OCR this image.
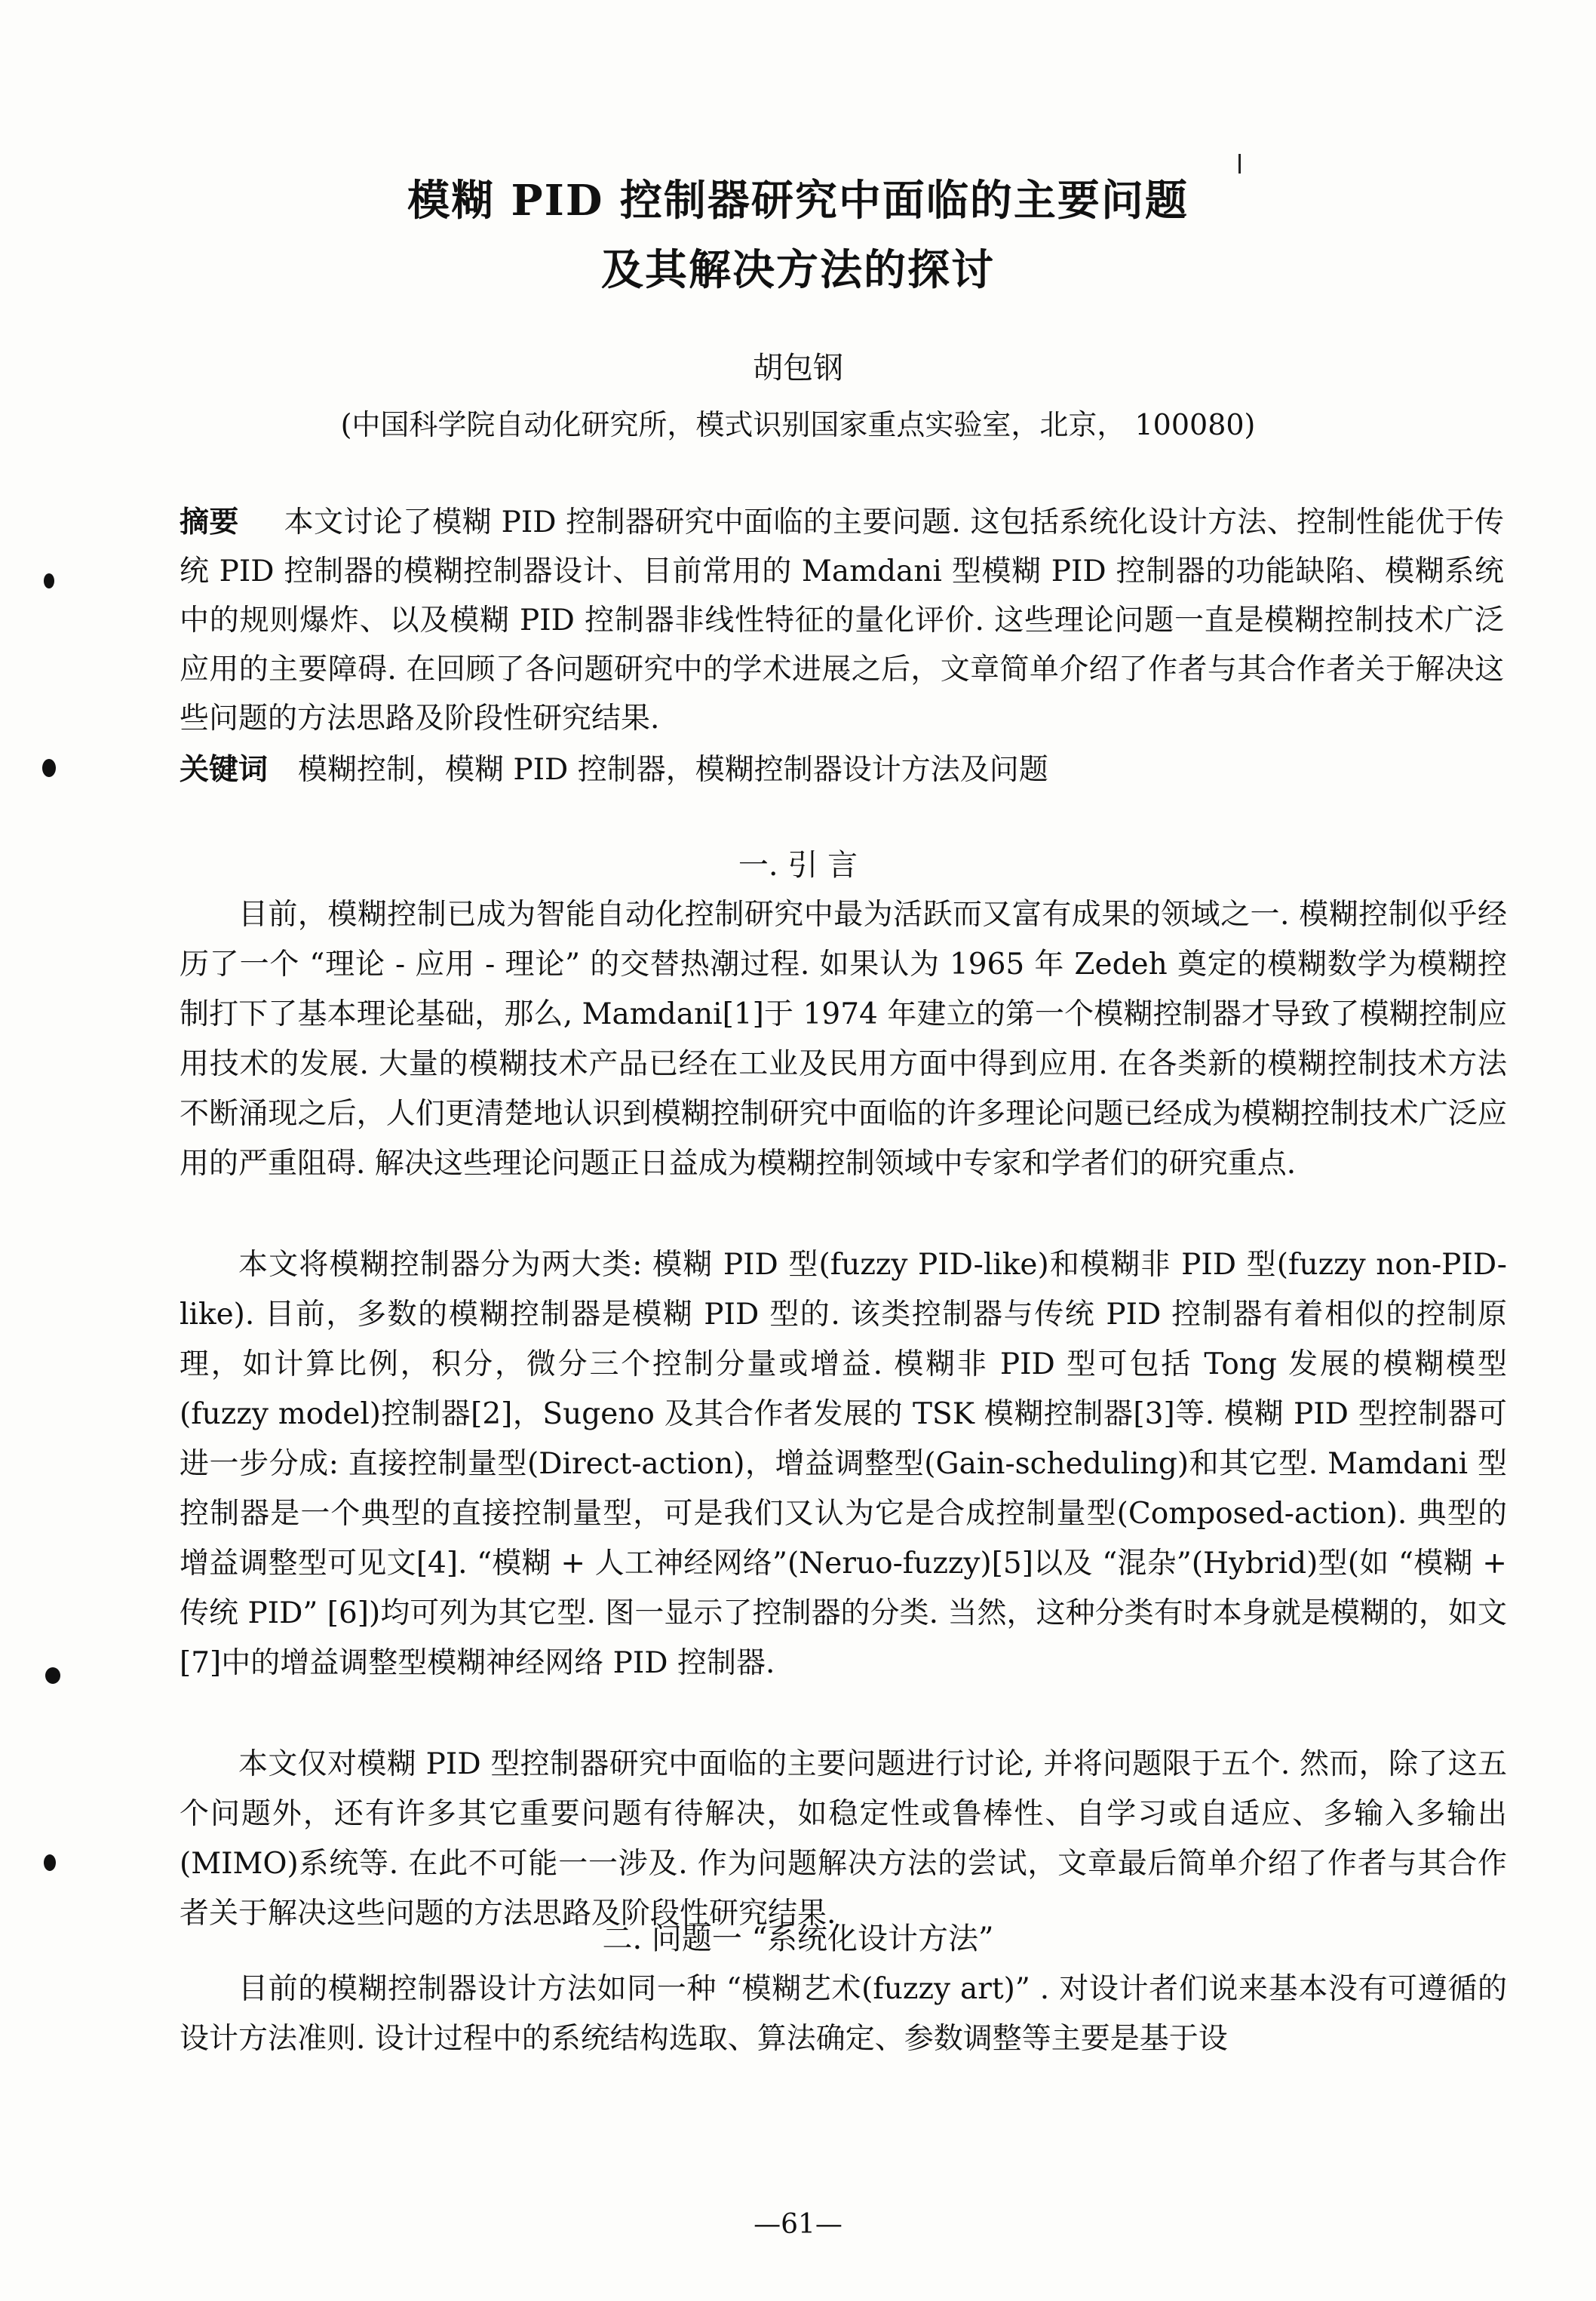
模糊 PID 控制器研究中面临的主要问题
及其解决方法的探讨
胡包钢
(中国科学院自动化研究所，模式识别国家重点实验室，北京， 100080)
摘要 本文讨论了模糊 PID 控制器研究中面临的主要问题. 这包括系统化设计方法、控制性能优于传统 PID 控制器的模糊控制器设计、目前常用的 Mamdani 型模糊 PID 控制器的功能缺陷、模糊系统中的规则爆炸、以及模糊 PID 控制器非线性特征的量化评价. 这些理论问题一直是模糊控制技术广泛应用的主要障碍. 在回顾了各问题研究中的学术进展之后，文章简单介绍了作者与其合作者关于解决这些问题的方法思路及阶段性研究结果.
关键词 模糊控制，模糊 PID 控制器，模糊控制器设计方法及问题
一. 引 言

目前，模糊控制已成为智能自动化控制研究中最为活跃而又富有成果的领域之一. 模糊控制似乎经历了一个 “理论 - 应用 - 理论” 的交替热潮过程. 如果认为 1965 年 Zedeh 奠定的模糊数学为模糊控制打下了基本理论基础，那么, Mamdani[1]于 1974 年建立的第一个模糊控制器才导致了模糊控制应用技术的发展. 大量的模糊技术产品已经在工业及民用方面中得到应用. 在各类新的模糊控制技术方法不断涌现之后，人们更清楚地认识到模糊控制研究中面临的许多理论问题已经成为模糊控制技术广泛应用的严重阻碍. 解决这些理论问题正日益成为模糊控制领域中专家和学者们的研究重点.

本文将模糊控制器分为两大类: 模糊 PID 型(fuzzy PID-like)和模糊非 PID 型(fuzzy non-PID-like). 目前，多数的模糊控制器是模糊 PID 型的. 该类控制器与传统 PID 控制器有着相似的控制原理，如计算比例，积分，微分三个控制分量或增益. 模糊非 PID 型可包括 Tong 发展的模糊模型(fuzzy model)控制器[2]，Sugeno 及其合作者发展的 TSK 模糊控制器[3]等. 模糊 PID 型控制器可进一步分成: 直接控制量型(Direct-action)，增益调整型(Gain-scheduling)和其它型. Mamdani 型控制器是一个典型的直接控制量型，可是我们又认为它是合成控制量型(Composed-action). 典型的增益调整型可见文[4]. “模糊 + 人工神经网络”(Neruo-fuzzy)[5]以及 “混杂”(Hybrid)型(如 “模糊 + 传统 PID” [6])均可列为其它型. 图一显示了控制器的分类. 当然，这种分类有时本身就是模糊的，如文[7]中的增益调整型模糊神经网络 PID 控制器.

本文仅对模糊 PID 型控制器研究中面临的主要问题进行讨论, 并将问题限于五个. 然而，除了这五个问题外，还有许多其它重要问题有待解决，如稳定性或鲁棒性、自学习或自适应、多输入多输出(MIMO)系统等. 在此不可能一一涉及. 作为问题解决方法的尝试，文章最后简单介绍了作者与其合作者关于解决这些问题的方法思路及阶段性研究结果.

二. 问题一 “系统化设计方法”

目前的模糊控制器设计方法如同一种 “模糊艺术(fuzzy art)” . 对设计者们说来基本没有可遵循的设计方法准则. 设计过程中的系统结构选取、算法确定、参数调整等主要是基于设

—61—
